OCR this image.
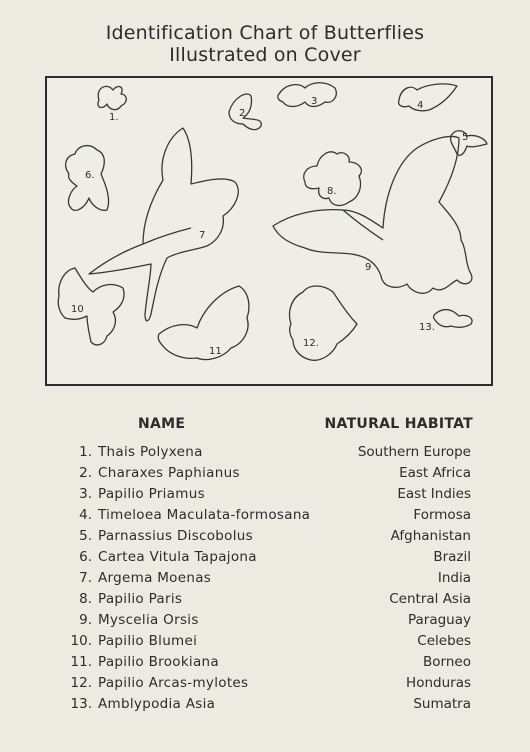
Identification Chart of Butterflies
Illustrated on Cover
1.	2
3	4
5
6.
7
8.
9
10
11
12.
13.
NAME	NATURAL HABITAT
1. Thais Polyxena	Southern Europe
2. Charaxes Paphianus	East Africa
3. Papilio Priamus	East Indies
4. Timeloea Maculata-formosana	Formosa
5. Parnassius Discobolus	Afghanistan
6. Cartea Vitula Tapajona	Brazil
7. Argema Moenas	India
8. Papilio Paris	Central Asia
9. Myscelia Orsis	Paraguay
10. Papilio Blumei	Celebes
11. Papilio Brookiana	Borneo
12. Papilio Arcas-mylotes	Honduras
13. Amblypodia Asia	Sumatra
